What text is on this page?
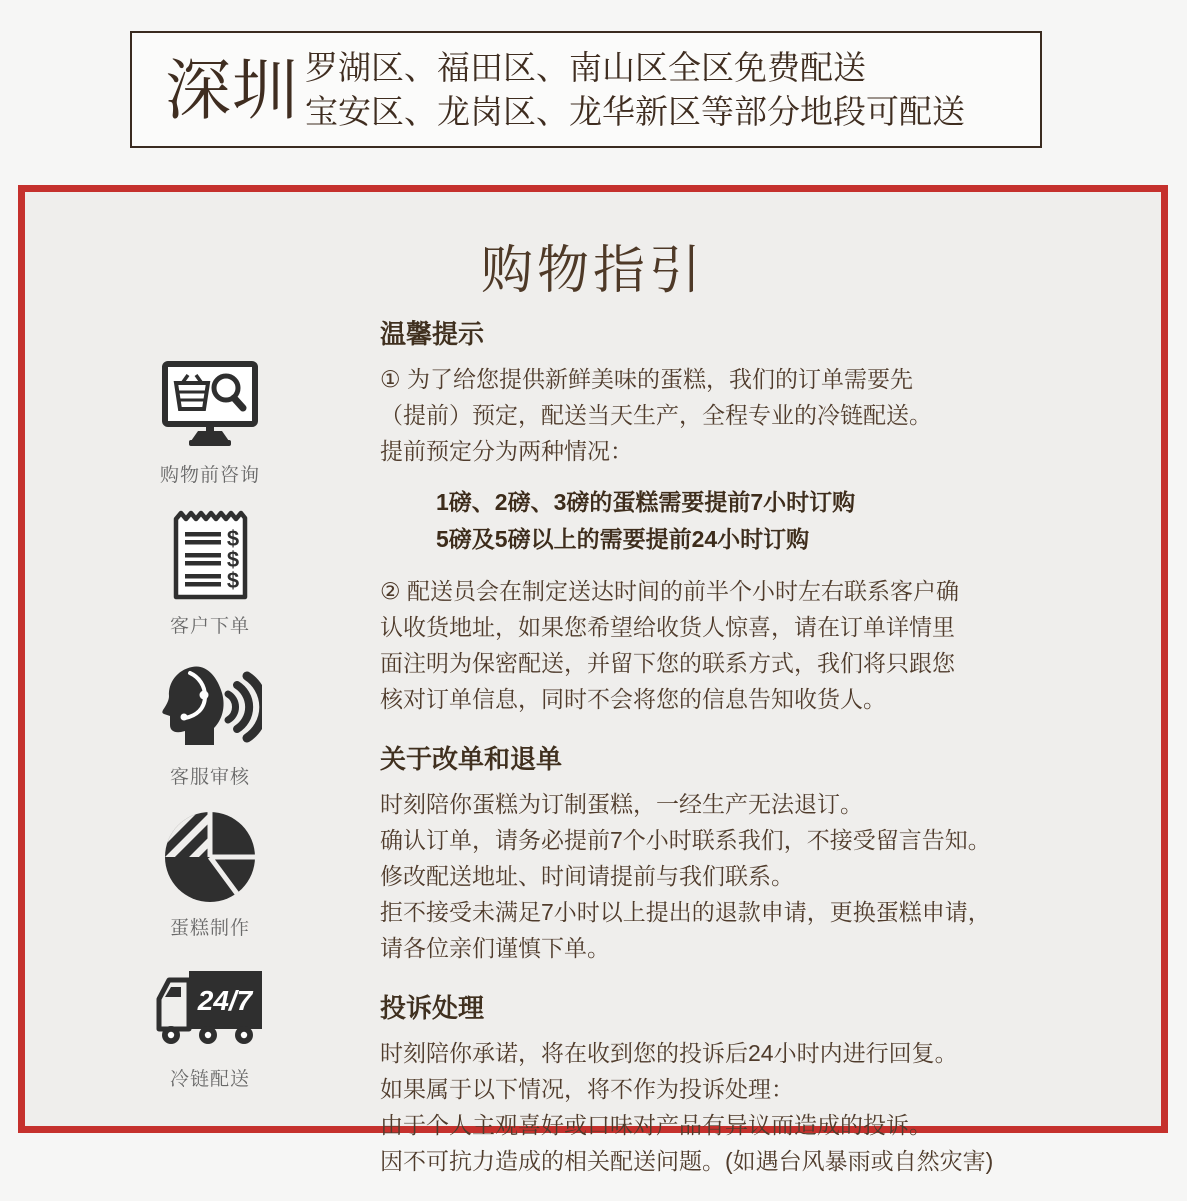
深圳 罗湖区、福田区、南山区全区免费配送
宝安区、龙岗区、龙华新区等部分地段可配送
购物指引
购物前咨询
$
$
$
客户下单
客服审核
蛋糕制作
24/7
冷链配送
温馨提示
① 为了给您提供新鲜美味的蛋糕，我们的订单需要先
（提前）预定，配送当天生产，全程专业的冷链配送。
提前预定分为两种情况：
1磅、2磅、3磅的蛋糕需要提前7小时订购
5磅及5磅以上的需要提前24小时订购
② 配送员会在制定送达时间的前半个小时左右联系客户确
认收货地址，如果您希望给收货人惊喜，请在订单详情里
面注明为保密配送，并留下您的联系方式，我们将只跟您
核对订单信息，同时不会将您的信息告知收货人。
关于改单和退单
时刻陪你蛋糕为订制蛋糕，一经生产无法退订。
确认订单，请务必提前7个小时联系我们，不接受留言告知。
修改配送地址、时间请提前与我们联系。
拒不接受未满足7小时以上提出的退款申请，更换蛋糕申请，
请各位亲们谨慎下单。
投诉处理
时刻陪你承诺，将在收到您的投诉后24小时内进行回复。
如果属于以下情况，将不作为投诉处理：
由于个人主观喜好或口味对产品有异议而造成的投诉。
因不可抗力造成的相关配送问题。(如遇台风暴雨或自然灾害)
